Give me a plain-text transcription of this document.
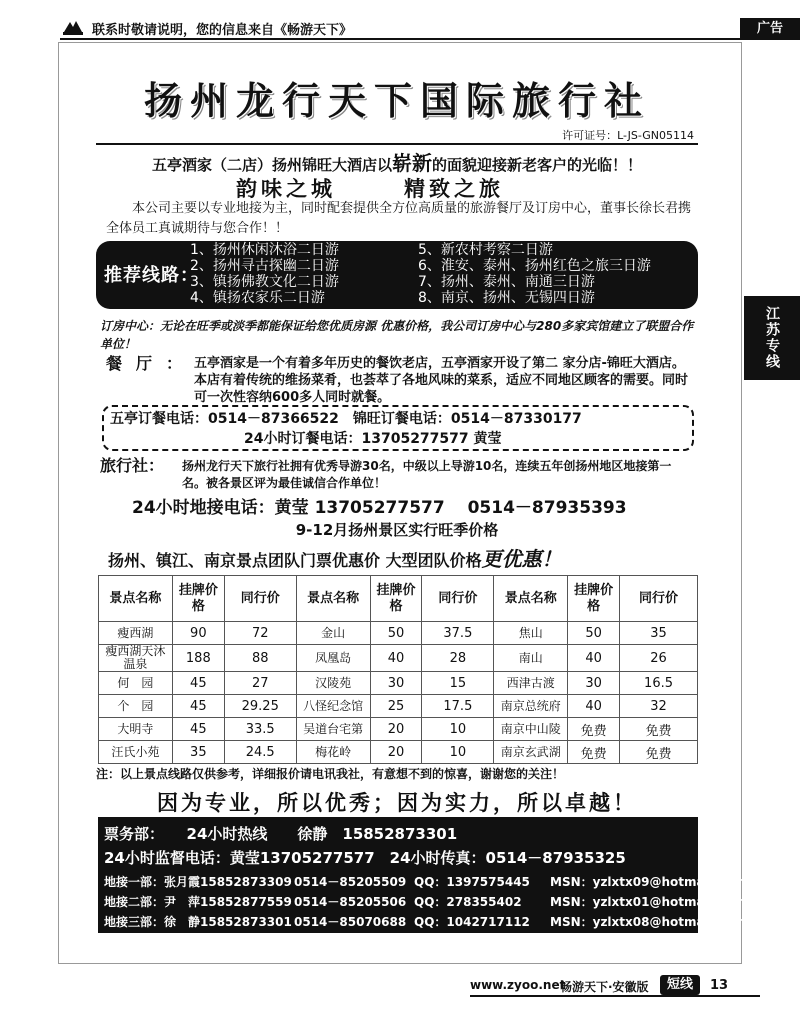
联系时敬请说明，您的信息来自《畅游天下》	广告
江苏专线
扬州龙行天下国际旅行社
许可证号：L-JS-GN05114
五亭酒家（二店）扬州锦旺大酒店以崭新的面貌迎接新老客户的光临！！
韵味之城	精致之旅
本公司主要以专业地接为主，同时配套提供全方位高质量的旅游餐厅及订房中心，董事长徐长君携全体员工真诚期待与您合作！！
推荐线路：
1、扬州休闲沐浴二日游
2、扬州寻古探幽二日游
3、镇扬佛教文化二日游
4、镇扬农家乐二日游
5、新农村考察二日游
6、淮安、泰州、扬州红色之旅三日游
7、扬州、泰州、南通三日游
8、南京、扬州、无锡四日游
订房中心：无论在旺季或淡季都能保证给您优质房源 优惠价格，我公司订房中心与280多家宾馆建立了联盟合作单位！
餐厅：
五亭酒家是一个有着多年历史的餐饮老店，五亭酒家开设了第二 家分店-锦旺大酒店。本店有着传统的维扬菜肴，也荟萃了各地风味的菜系，适应不同地区顾客的需要。同时可一次性容纳600多人同时就餐。
五亭订餐电话：0514－87366522　锦旺订餐电话：0514－87330177
24小时订餐电话：13705277577 黄莹
旅行社： 扬州龙行天下旅行社拥有优秀导游30名，中级以上导游10名，连续五年创扬州地区地接第一名。被各景区评为最佳诚信合作单位！
24小时地接电话：黄莹 13705277577　 0514－87935393
9-12月扬州景区实行旺季价格
扬州、镇江、南京景点团队门票优惠价 大型团队价格更优惠！
景点名称	挂牌价格	同行价	景点名称	挂牌价格	同行价	景点名称	挂牌价格	同行价
瘦西湖	90	72	金山	50	37.5	焦山	50	35
瘦西湖天沐温泉	188	88	凤凰岛	40	28	南山	40	26
何　园	45	27	汉陵苑	30	15	西津古渡	30	16.5
个　园	45	29.25	八怪纪念馆	25	17.5	南京总统府	40	32
大明寺	45	33.5	吴道台宅第	20	10	南京中山陵	免费	免费
汪氏小苑	35	24.5	梅花岭	20	10	南京玄武湖	免费	免费
注：以上景点线路仅供参考，详细报价请电讯我社，有意想不到的惊喜，谢谢您的关注！
因为专业，所以优秀；因为实力，所以卓越！
票务部：　　24小时热线　　徐静　15852873301
24小时监督电话：黄莹13705277577　24小时传真：0514－87935325
地接一部：张月霞15852873309 0514－85205509 QQ：1397575445 MSN：yzlxtx09@hotmail.com
地接二部：尹　萍15852877559 0514－85205506 QQ：278355402 MSN：yzlxtx01@hotmail.com
地接三部：徐　静15852873301 0514－85070688 QQ：1042717112 MSN：yzlxtx08@hotmail.com
www.zyoo.net
畅游天下·安徽版	短线	13
